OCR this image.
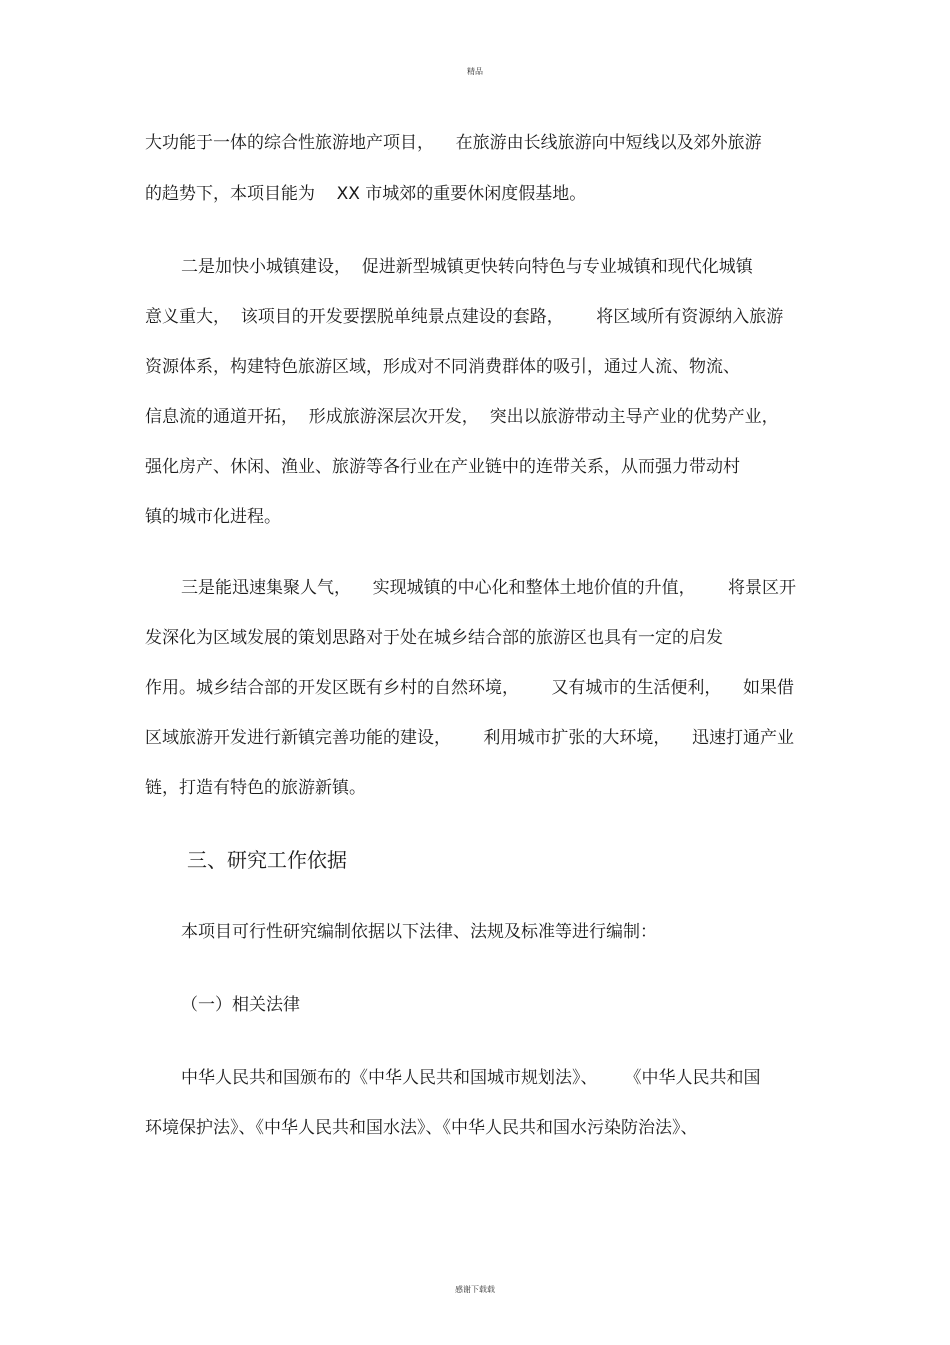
精品
大功能于一体的综合性旅游地产项目，    在旅游由长线旅游向中短线以及郊外旅游
的趋势下，本项目能为    XX 市城郊的重要休闲度假基地。
二是加快小城镇建设，  促进新型城镇更快转向特色与专业城镇和现代化城镇
意义重大，  该项目的开发要摆脱单纯景点建设的套路，      将区域所有资源纳入旅游
资源体系，构建特色旅游区域，形成对不同消费群体的吸引，通过人流、物流、
信息流的通道开拓，  形成旅游深层次开发，  突出以旅游带动主导产业的优势产业，
强化房产、休闲、渔业、旅游等各行业在产业链中的连带关系，从而强力带动村
镇的城市化进程。
三是能迅速集聚人气，    实现城镇的中心化和整体土地价值的升值，      将景区开
发深化为区域发展的策划思路对于处在城乡结合部的旅游区也具有一定的启发
作用。城乡结合部的开发区既有乡村的自然环境，      又有城市的生活便利，    如果借
区域旅游开发进行新镇完善功能的建设，      利用城市扩张的大环境，    迅速打通产业
链，打造有特色的旅游新镇。
三、研究工作依据
本项目可行性研究编制依据以下法律、法规及标准等进行编制：
（一）相关法律
中华人民共和国颁布的《中华人民共和国城市规划法》、     《中华人民共和国
环境保护法》、《中华人民共和国水法》、《中华人民共和国水污染防治法》、
感谢下载载
